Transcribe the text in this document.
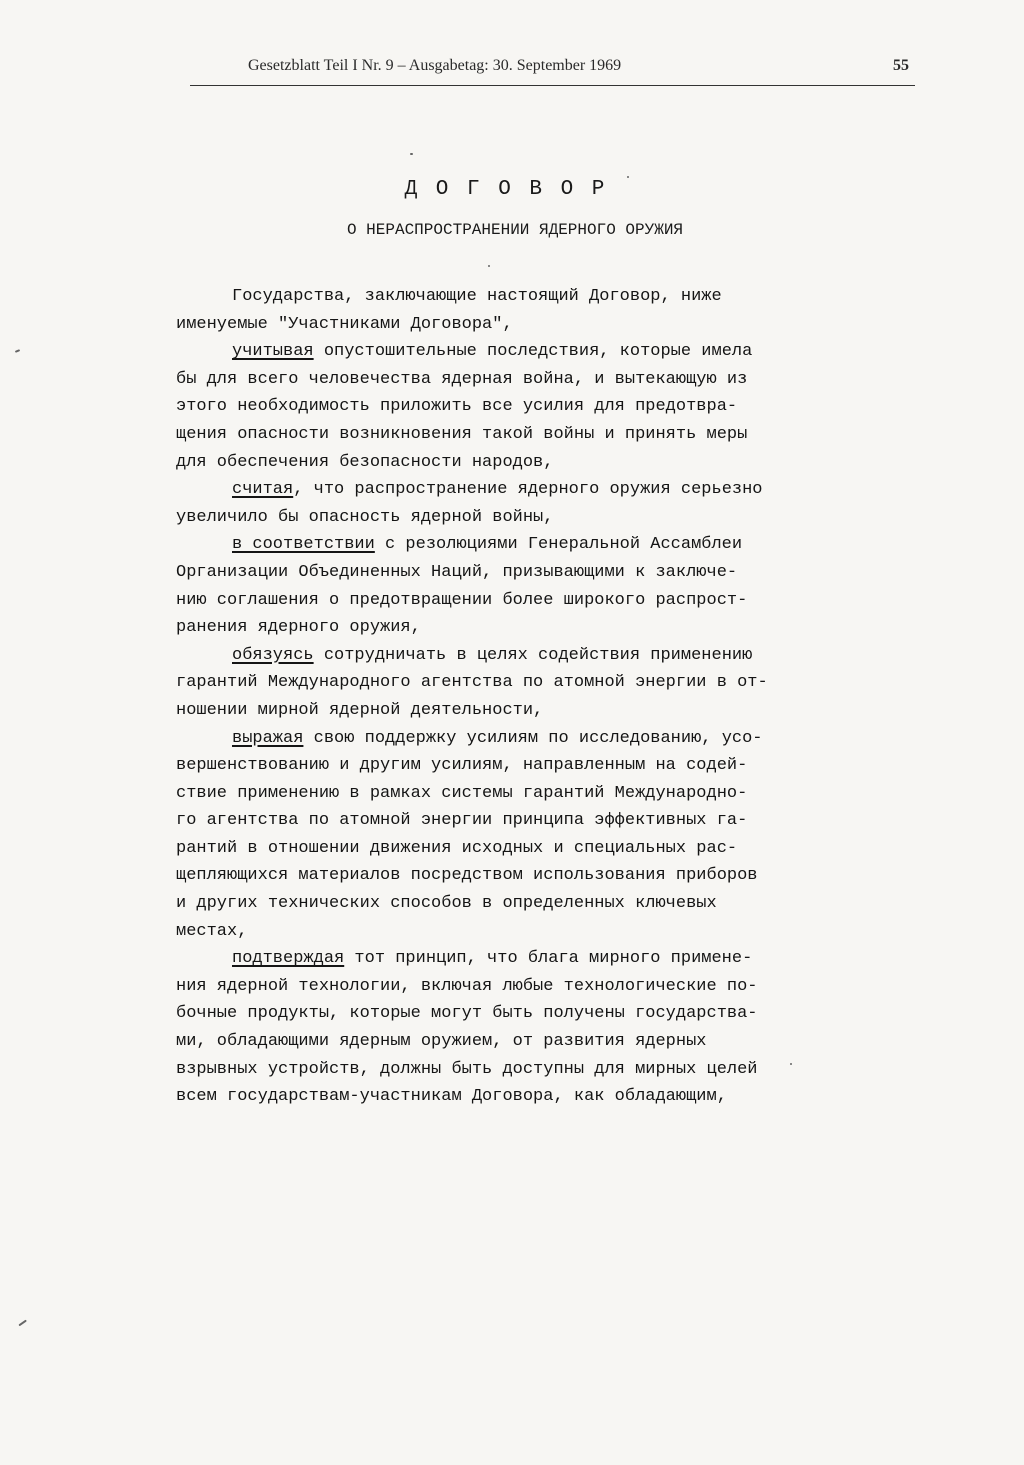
Gesetzblatt Teil I Nr. 9 – Ausgabetag: 30. September 1969	55
Д О Г О В О Р
О НЕРАСПРОСТРАНЕНИИ ЯДЕРНОГО ОРУЖИЯ
Государства, заключающие настоящий Договор, ниже
именуемые "Участниками Договора",
учитывая опустошительные последствия, которые имела
бы для всего человечества ядерная война, и вытекающую из
этого необходимость приложить все усилия для предотвра-
щения опасности возникновения такой войны и принять меры
для обеспечения безопасности народов,
считая, что распространение ядерного оружия серьезно
увеличило бы опасность ядерной войны,
в соответствии с резолюциями Генеральной Ассамблеи
Организации Объединенных Наций, призывающими к заключе-
нию соглашения о предотвращении более широкого распрост-
ранения ядерного оружия,
обязуясь сотрудничать в целях содействия применению
гарантий Международного агентства по атомной энергии в от-
ношении мирной ядерной деятельности,
выражая свою поддержку усилиям по исследованию, усо-
вершенствованию и другим усилиям, направленным на содей-
ствие применению в рамках системы гарантий Международно-
го агентства по атомной энергии принципа эффективных га-
рантий в отношении движения исходных и специальных рас-
щепляющихся материалов посредством использования приборов
и других технических способов в определенных ключевых
местах,
подтверждая тот принцип, что блага мирного примене-
ния ядерной технологии, включая любые технологические по-
бочные продукты, которые могут быть получены государства-
ми, обладающими ядерным оружием, от развития ядерных
взрывных устройств, должны быть доступны для мирных целей
всем государствам-участникам Договора, как обладающим,
